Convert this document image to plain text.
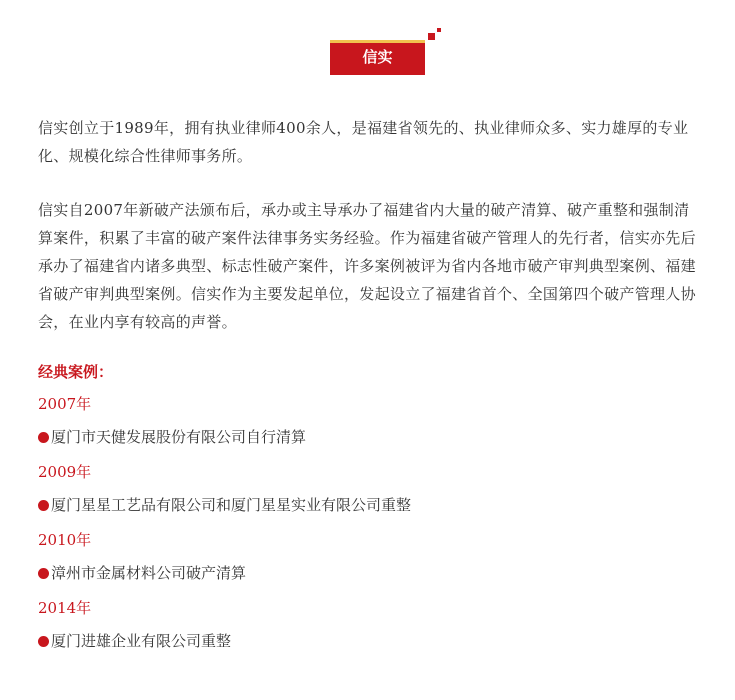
信实

信实创立于1989年，拥有执业律师400余人，是福建省领先的、执业律师众多、实力雄厚的专业化、规模化综合性律师事务所。

信实自2007年新破产法颁布后，承办或主导承办了福建省内大量的破产清算、破产重整和强制清算案件，积累了丰富的破产案件法律事务实务经验。作为福建省破产管理人的先行者，信实亦先后承办了福建省内诸多典型、标志性破产案件，许多案例被评为省内各地市破产审判典型案例、福建省破产审判典型案例。信实作为主要发起单位，发起设立了福建省首个、全国第四个破产管理人协会，在业内享有较高的声誉。

经典案例：
2007年
厦门市天健发展股份有限公司自行清算
2009年
厦门星星工艺品有限公司和厦门星星实业有限公司重整
2010年
漳州市金属材料公司破产清算
2014年
厦门进雄企业有限公司重整
